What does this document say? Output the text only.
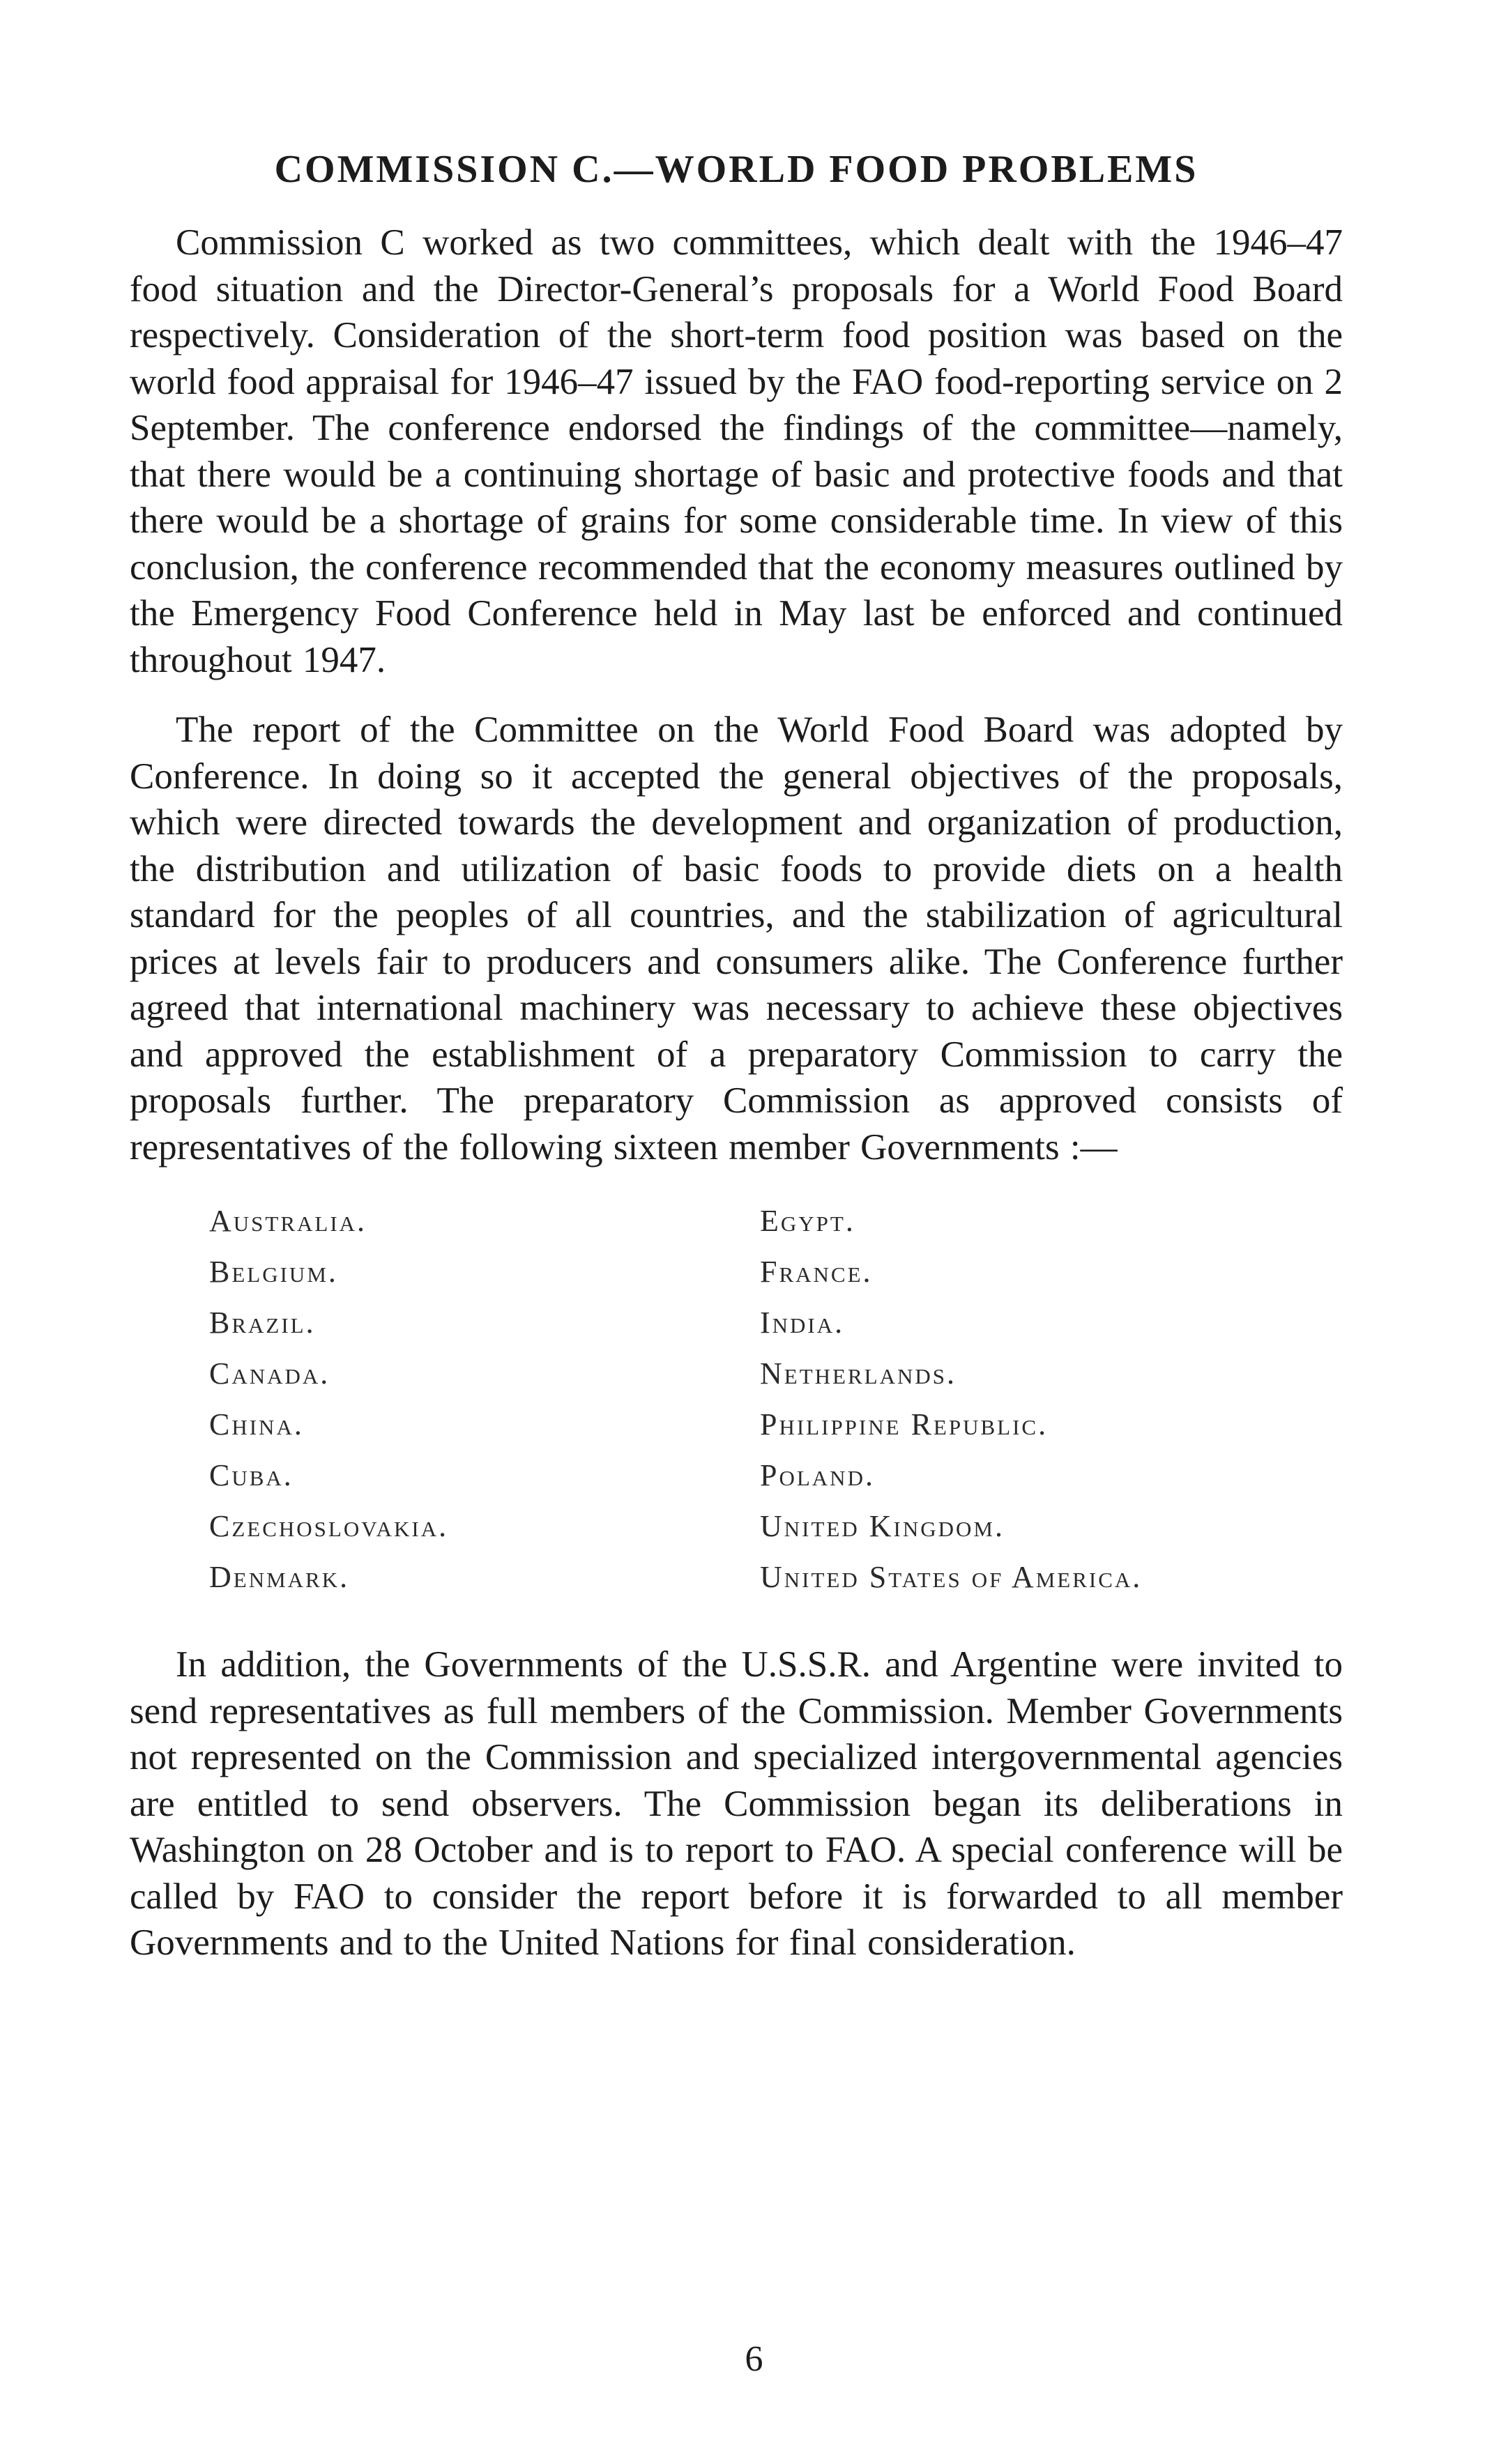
COMMISSION C.—WORLD FOOD PROBLEMS

Commission C worked as two committees, which dealt with the 1946–47 food situation and the Director-General’s proposals for a World Food Board respectively. Consideration of the short-term food position was based on the world food appraisal for 1946–47 issued by the FAO food-reporting service on 2 September. The conference endorsed the findings of the committee—namely, that there would be a continuing shortage of basic and protective foods and that there would be a shortage of grains for some considerable time. In view of this conclusion, the conference recommended that the economy measures outlined by the Emergency Food Conference held in May last be enforced and continued throughout 1947.

The report of the Committee on the World Food Board was adopted by Conference. In doing so it accepted the general objectives of the proposals, which were directed towards the development and organization of production, the distribution and utilization of basic foods to provide diets on a health standard for the peoples of all countries, and the stabilization of agricultural prices at levels fair to producers and consumers alike. The Conference further agreed that international machinery was necessary to achieve these objectives and approved the establishment of a preparatory Commission to carry the proposals further. The preparatory Commission as approved consists of representatives of the following sixteen member Governments :—

Australia.
Belgium.
Brazil.
Canada.
China.
Cuba.
Czechoslovakia.
Denmark.
Egypt.
France.
India.
Netherlands.
Philippine Republic.
Poland.
United Kingdom.
United States of America.

In addition, the Governments of the U.S.S.R. and Argentine were invited to send representatives as full members of the Commission. Member Governments not represented on the Commission and specialized intergovernmental agencies are entitled to send observers. The Commission began its deliberations in Washington on 28 October and is to report to FAO. A special conference will be called by FAO to consider the report before it is forwarded to all member Governments and to the United Nations for final consideration.

6
